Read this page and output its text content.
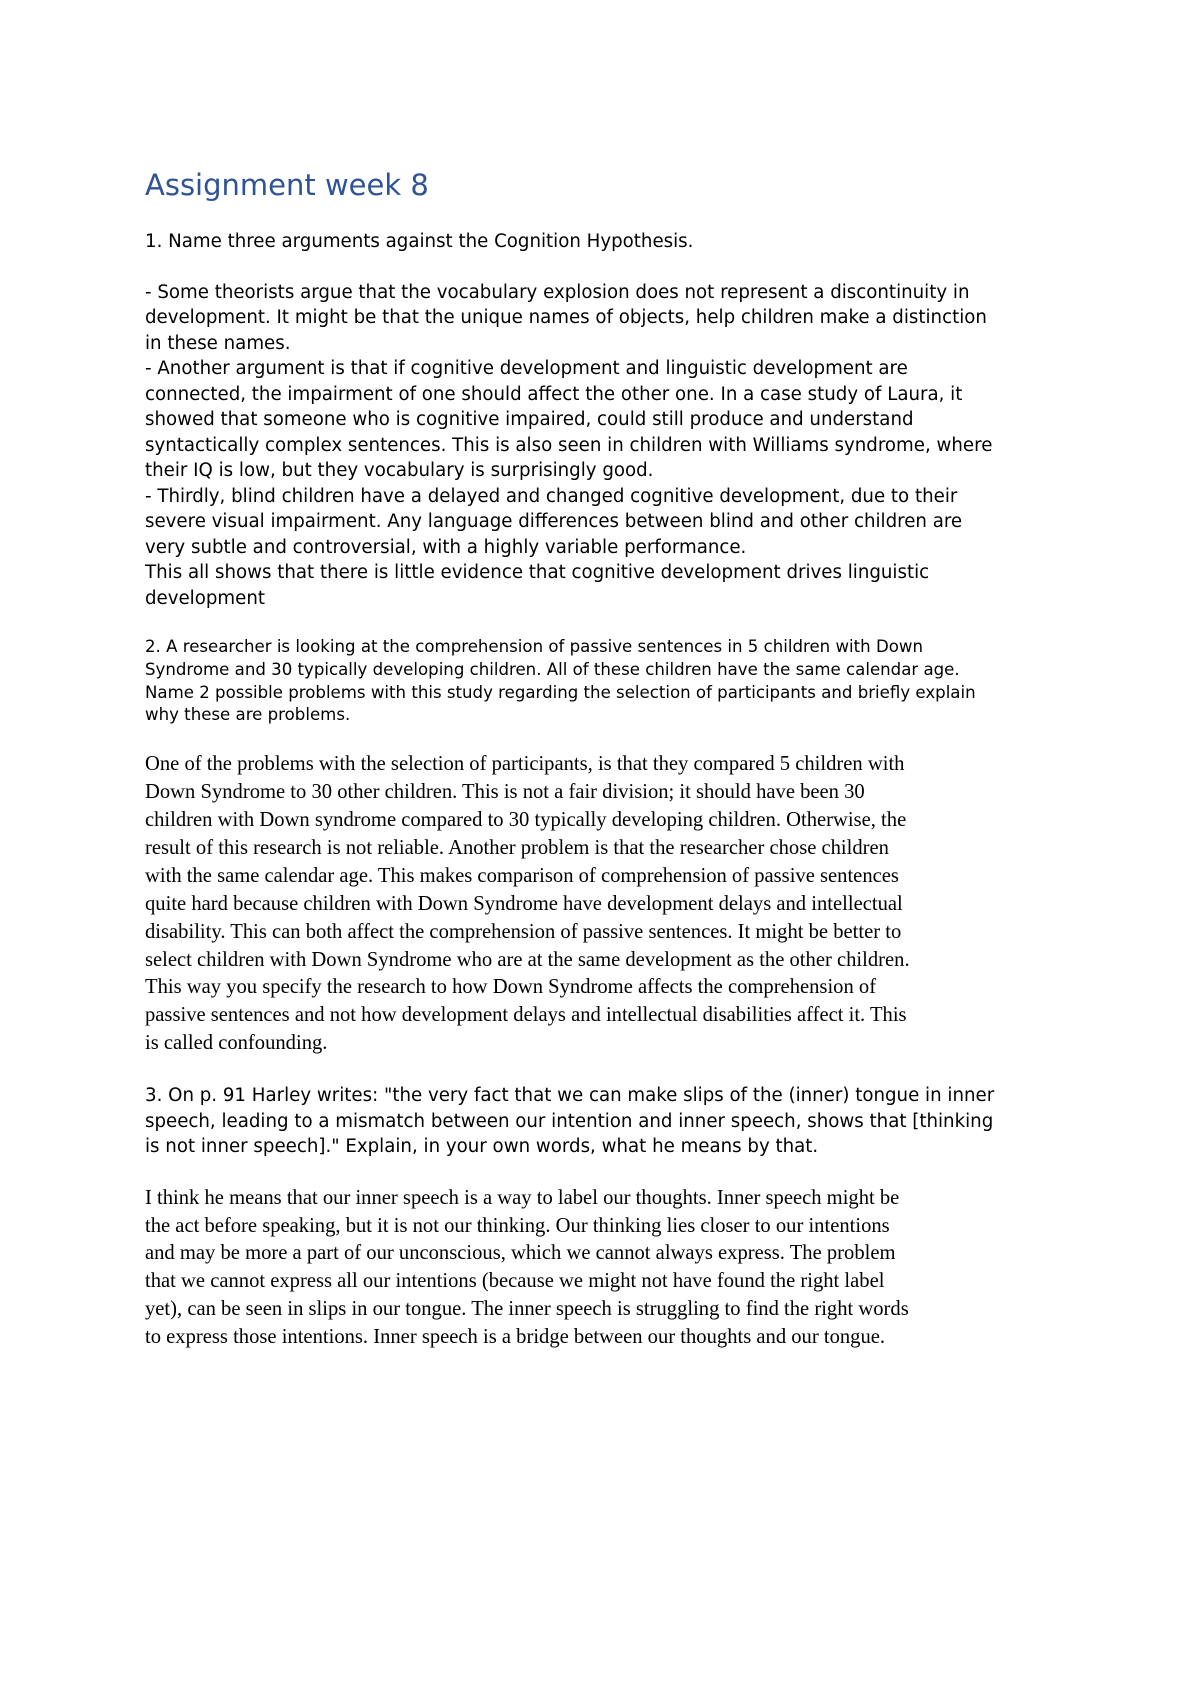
Assignment week 8

1. Name three arguments against the Cognition Hypothesis.

- Some theorists argue that the vocabulary explosion does not represent a discontinuity in
development. It might be that the unique names of objects, help children make a distinction
in these names.
- Another argument is that if cognitive development and linguistic development are
connected, the impairment of one should affect the other one. In a case study of Laura, it
showed that someone who is cognitive impaired, could still produce and understand
syntactically complex sentences. This is also seen in children with Williams syndrome, where
their IQ is low, but they vocabulary is surprisingly good.
- Thirdly, blind children have a delayed and changed cognitive development, due to their
severe visual impairment. Any language differences between blind and other children are
very subtle and controversial, with a highly variable performance.
This all shows that there is little evidence that cognitive development drives linguistic
development
2. A researcher is looking at the comprehension of passive sentences in 5 children with Down
Syndrome and 30 typically developing children. All of these children have the same calendar age.
Name 2 possible problems with this study regarding the selection of participants and briefly explain
why these are problems.
One of the problems with the selection of participants, is that they compared 5 children with
Down Syndrome to 30 other children. This is not a fair division; it should have been 30
children with Down syndrome compared to 30 typically developing children. Otherwise, the
result of this research is not reliable. Another problem is that the researcher chose children
with the same calendar age. This makes comparison of comprehension of passive sentences
quite hard because children with Down Syndrome have development delays and intellectual
disability. This can both affect the comprehension of passive sentences. It might be better to
select children with Down Syndrome who are at the same development as the other children.
This way you specify the research to how Down Syndrome affects the comprehension of
passive sentences and not how development delays and intellectual disabilities affect it. This
is called confounding.
3. On p. 91 Harley writes: "the very fact that we can make slips of the (inner) tongue in inner
speech, leading to a mismatch between our intention and inner speech, shows that [thinking
is not inner speech]." Explain, in your own words, what he means by that.
I think he means that our inner speech is a way to label our thoughts. Inner speech might be
the act before speaking, but it is not our thinking. Our thinking lies closer to our intentions
and may be more a part of our unconscious, which we cannot always express. The problem
that we cannot express all our intentions (because we might not have found the right label
yet), can be seen in slips in our tongue. The inner speech is struggling to find the right words
to express those intentions. Inner speech is a bridge between our thoughts and our tongue.
